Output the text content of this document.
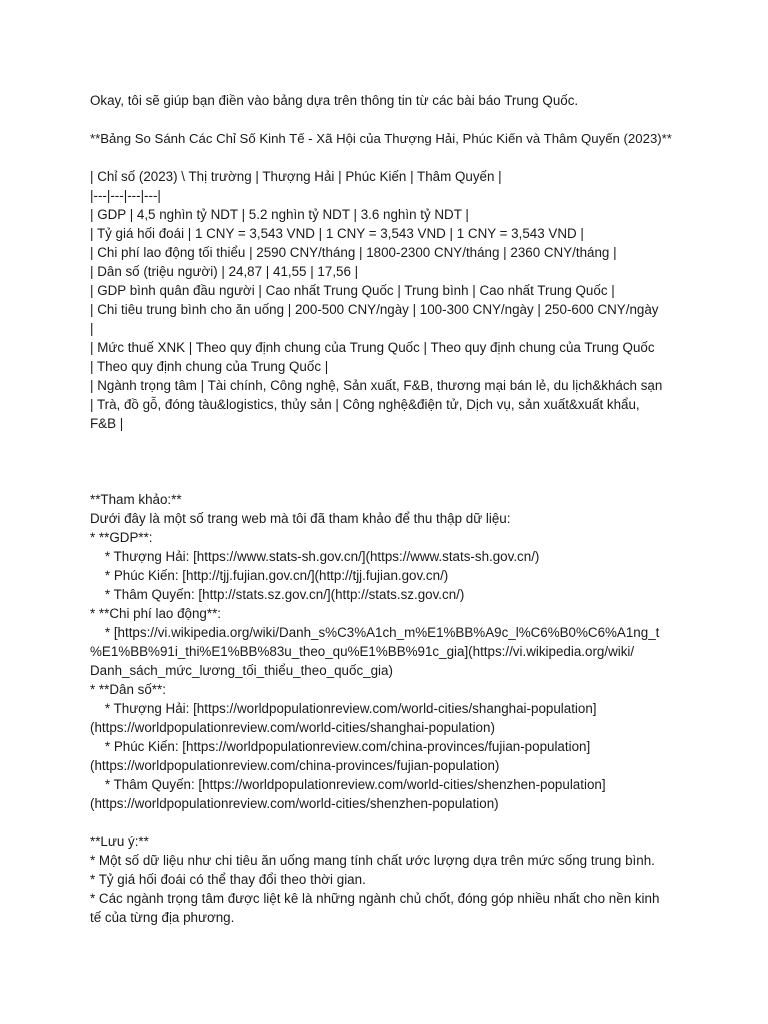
Okay, tôi sẽ giúp bạn điền vào bảng dựa trên thông tin từ các bài báo Trung Quốc.
**Bảng So Sánh Các Chỉ Số Kinh Tế - Xã Hội của Thượng Hải, Phúc Kiến và Thâm Quyến (2023)**
| Chỉ số (2023) \ Thị trường | Thượng Hải | Phúc Kiến | Thâm Quyến |
|---|---|---|---|
| GDP | 4,5 nghìn tỷ NDT | 5.2 nghìn tỷ NDT | 3.6 nghìn tỷ NDT |
| Tỷ giá hối đoái | 1 CNY = 3,543 VND | 1 CNY = 3,543 VND | 1 CNY = 3,543 VND |
| Chi phí lao động tối thiểu | 2590 CNY/tháng | 1800-2300 CNY/tháng | 2360 CNY/tháng |
| Dân số (triệu người) | 24,87 | 41,55 | 17,56 |
| GDP bình quân đầu người | Cao nhất Trung Quốc | Trung bình | Cao nhất Trung Quốc |
| Chi tiêu trung bình cho ăn uống | 200-500 CNY/ngày | 100-300 CNY/ngày | 250-600 CNY/ngày
|
| Mức thuế XNK | Theo quy định chung của Trung Quốc | Theo quy định chung của Trung Quốc
| Theo quy định chung của Trung Quốc |
| Ngành trọng tâm | Tài chính, Công nghệ, Sản xuất, F&B, thương mại bán lẻ, du lịch&khách sạn
| Trà, đồ gỗ, đóng tàu&logistics, thủy sản | Công nghệ&điện tử, Dịch vụ, sản xuất&xuất khẩu,
F&B |
**Tham khảo:**
Dưới đây là một số trang web mà tôi đã tham khảo để thu thập dữ liệu:
* **GDP**:
* Thượng Hải: [https://www.stats-sh.gov.cn/](https://www.stats-sh.gov.cn/)
* Phúc Kiến: [http://tjj.fujian.gov.cn/](http://tjj.fujian.gov.cn/)
* Thâm Quyến: [http://stats.sz.gov.cn/](http://stats.sz.gov.cn/)
* **Chi phí lao động**:
* [https://vi.wikipedia.org/wiki/Danh_s%C3%A1ch_m%E1%BB%A9c_l%C6%B0%C6%A1ng_t
%E1%BB%91i_thi%E1%BB%83u_theo_qu%E1%BB%91c_gia](https://vi.wikipedia.org/wiki/
Danh_sách_mức_lương_tối_thiểu_theo_quốc_gia)
* **Dân số**:
* Thượng Hải: [https://worldpopulationreview.com/world-cities/shanghai-population]
(https://worldpopulationreview.com/world-cities/shanghai-population)
* Phúc Kiến: [https://worldpopulationreview.com/china-provinces/fujian-population]
(https://worldpopulationreview.com/china-provinces/fujian-population)
* Thâm Quyến: [https://worldpopulationreview.com/world-cities/shenzhen-population]
(https://worldpopulationreview.com/world-cities/shenzhen-population)
**Lưu ý:**
* Một số dữ liệu như chi tiêu ăn uống mang tính chất ước lượng dựa trên mức sống trung bình.
* Tỷ giá hối đoái có thể thay đổi theo thời gian.
* Các ngành trọng tâm được liệt kê là những ngành chủ chốt, đóng góp nhiều nhất cho nền kinh
tế của từng địa phương.
